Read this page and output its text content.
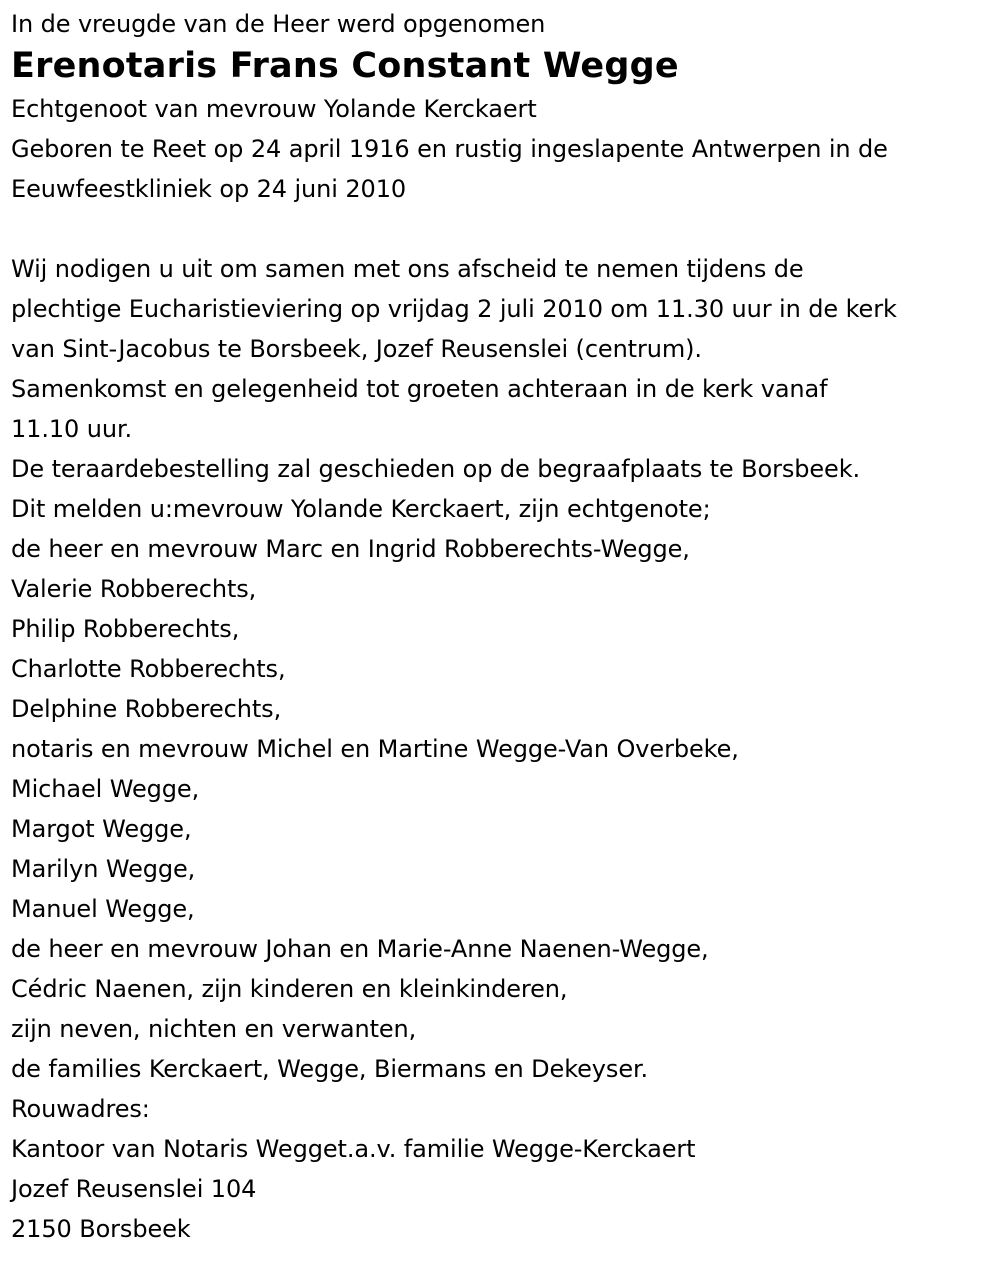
In de vreugde van de Heer werd opgenomen
Erenotaris Frans Constant Wegge
Echtgenoot van mevrouw Yolande Kerckaert
Geboren te Reet op 24 april 1916 en rustig ingeslapente Antwerpen in de
Eeuwfeestkliniek op 24 juni 2010
Wij nodigen u uit om samen met ons afscheid te nemen tijdens de
plechtige Eucharistieviering op vrijdag 2 juli 2010 om 11.30 uur in de kerk
van Sint-Jacobus te Borsbeek, Jozef Reusenslei (centrum).
Samenkomst en gelegenheid tot groeten achteraan in de kerk vanaf
11.10 uur.
De teraardebestelling zal geschieden op de begraafplaats te Borsbeek.
Dit melden u:mevrouw Yolande Kerckaert, zijn echtgenote;
de heer en mevrouw Marc en Ingrid Robberechts-Wegge,
Valerie Robberechts,
Philip Robberechts,
Charlotte Robberechts,
Delphine Robberechts,
notaris en mevrouw Michel en Martine Wegge-Van Overbeke,
Michael Wegge,
Margot Wegge,
Marilyn Wegge,
Manuel Wegge,
de heer en mevrouw Johan en Marie-Anne Naenen-Wegge,
Cédric Naenen, zijn kinderen en kleinkinderen,
zijn neven, nichten en verwanten,
de families Kerckaert, Wegge, Biermans en Dekeyser.
Rouwadres:
Kantoor van Notaris Wegget.a.v. familie Wegge-Kerckaert
Jozef Reusenslei 104
2150 Borsbeek
